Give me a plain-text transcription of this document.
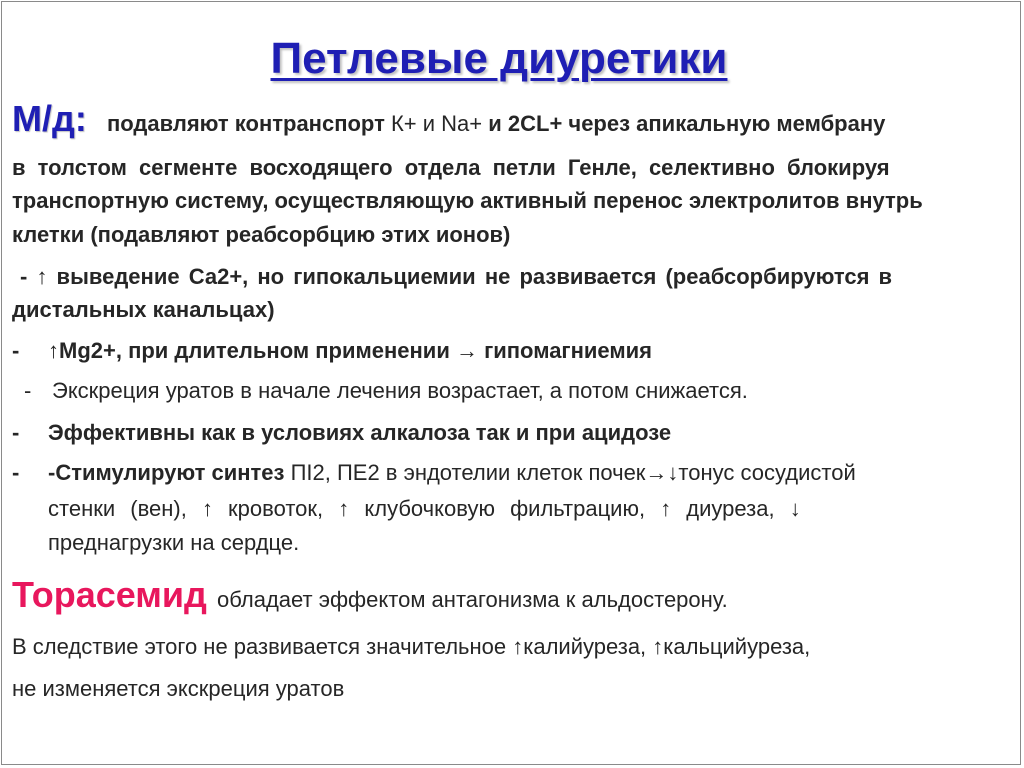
Петлевые диуретики
М/д: подавляют контранспорт К+ и Na+ и 2CL+ через апикальную мембрану
в толстом сегменте восходящего отдела петли Генле, селективно блокируя
транспортную систему, осуществляющую активный перенос электролитов внутрь
клетки (подавляют реабсорбцию этих ионов)
- ↑ выведение Са2+, но гипокальциемии не развивается (реабсорбируются в
дистальных канальцах)
- ↑Mg2+, при длительном применении → гипомагниемия
- Экскреция уратов в начале лечения возрастает, а потом снижается.
- Эффективны как в условиях алкалоза так и при ацидозе
- -Стимулируют синтез ПІ2, ПЕ2 в эндотелии клеток почек→↓тонус сосудистой
стенки (вен), ↑ кровоток, ↑ клубочковую фильтрацию, ↑ диуреза, ↓
преднагрузки на сердце.
Торасемид обладает эффектом антагонизма к альдостерону.
В следствие этого не развивается значительное ↑калийуреза, ↑кальцийуреза,
не изменяется экскреция уратов
